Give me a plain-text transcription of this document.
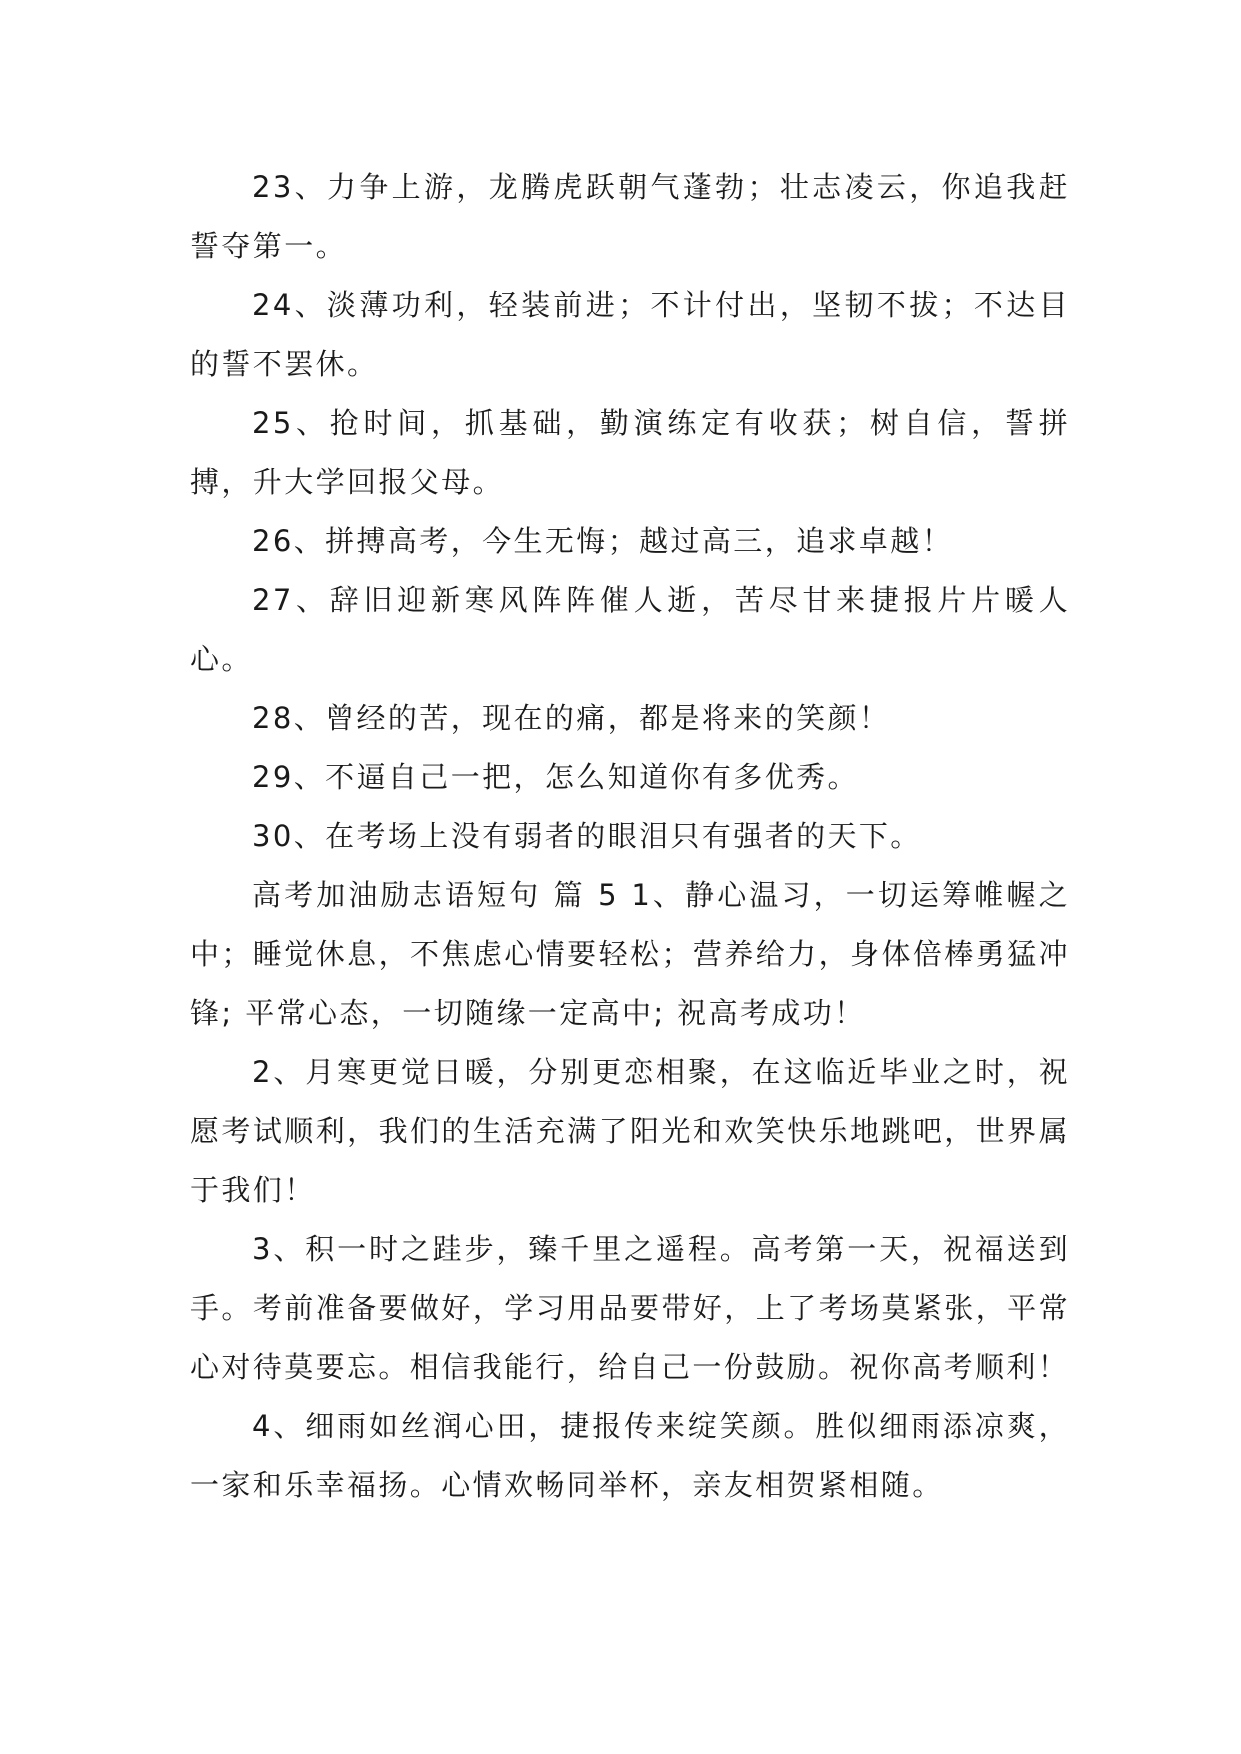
23、力争上游，龙腾虎跃朝气蓬勃；壮志凌云，你追我赶誓夺第一。

24、淡薄功利，轻装前进；不计付出，坚韧不拔；不达目的誓不罢休。

25、抢时间，抓基础，勤演练定有收获；树自信，誓拼搏，升大学回报父母。

26、拼搏高考，今生无悔；越过高三，追求卓越！

27、辞旧迎新寒风阵阵催人逝，苦尽甘来捷报片片暖人心。

28、曾经的苦，现在的痛，都是将来的笑颜！

29、不逼自己一把，怎么知道你有多优秀。

30、在考场上没有弱者的眼泪只有强者的天下。

高考加油励志语短句 篇 5 1、静心温习，一切运筹帷幄之中；睡觉休息，不焦虑心情要轻松；营养给力，身体倍棒勇猛冲锋; 平常心态，一切随缘一定高中; 祝高考成功！

2、月寒更觉日暖，分别更恋相聚，在这临近毕业之时，祝愿考试顺利，我们的生活充满了阳光和欢笑快乐地跳吧，世界属于我们！

3、积一时之跬步，臻千里之遥程。高考第一天，祝福送到手。考前准备要做好，学习用品要带好，上了考场莫紧张，平常心对待莫要忘。相信我能行，给自己一份鼓励。祝你高考顺利！

4、细雨如丝润心田，捷报传来绽笑颜。胜似细雨添凉爽，一家和乐幸福扬。心情欢畅同举杯，亲友相贺紧相随。
